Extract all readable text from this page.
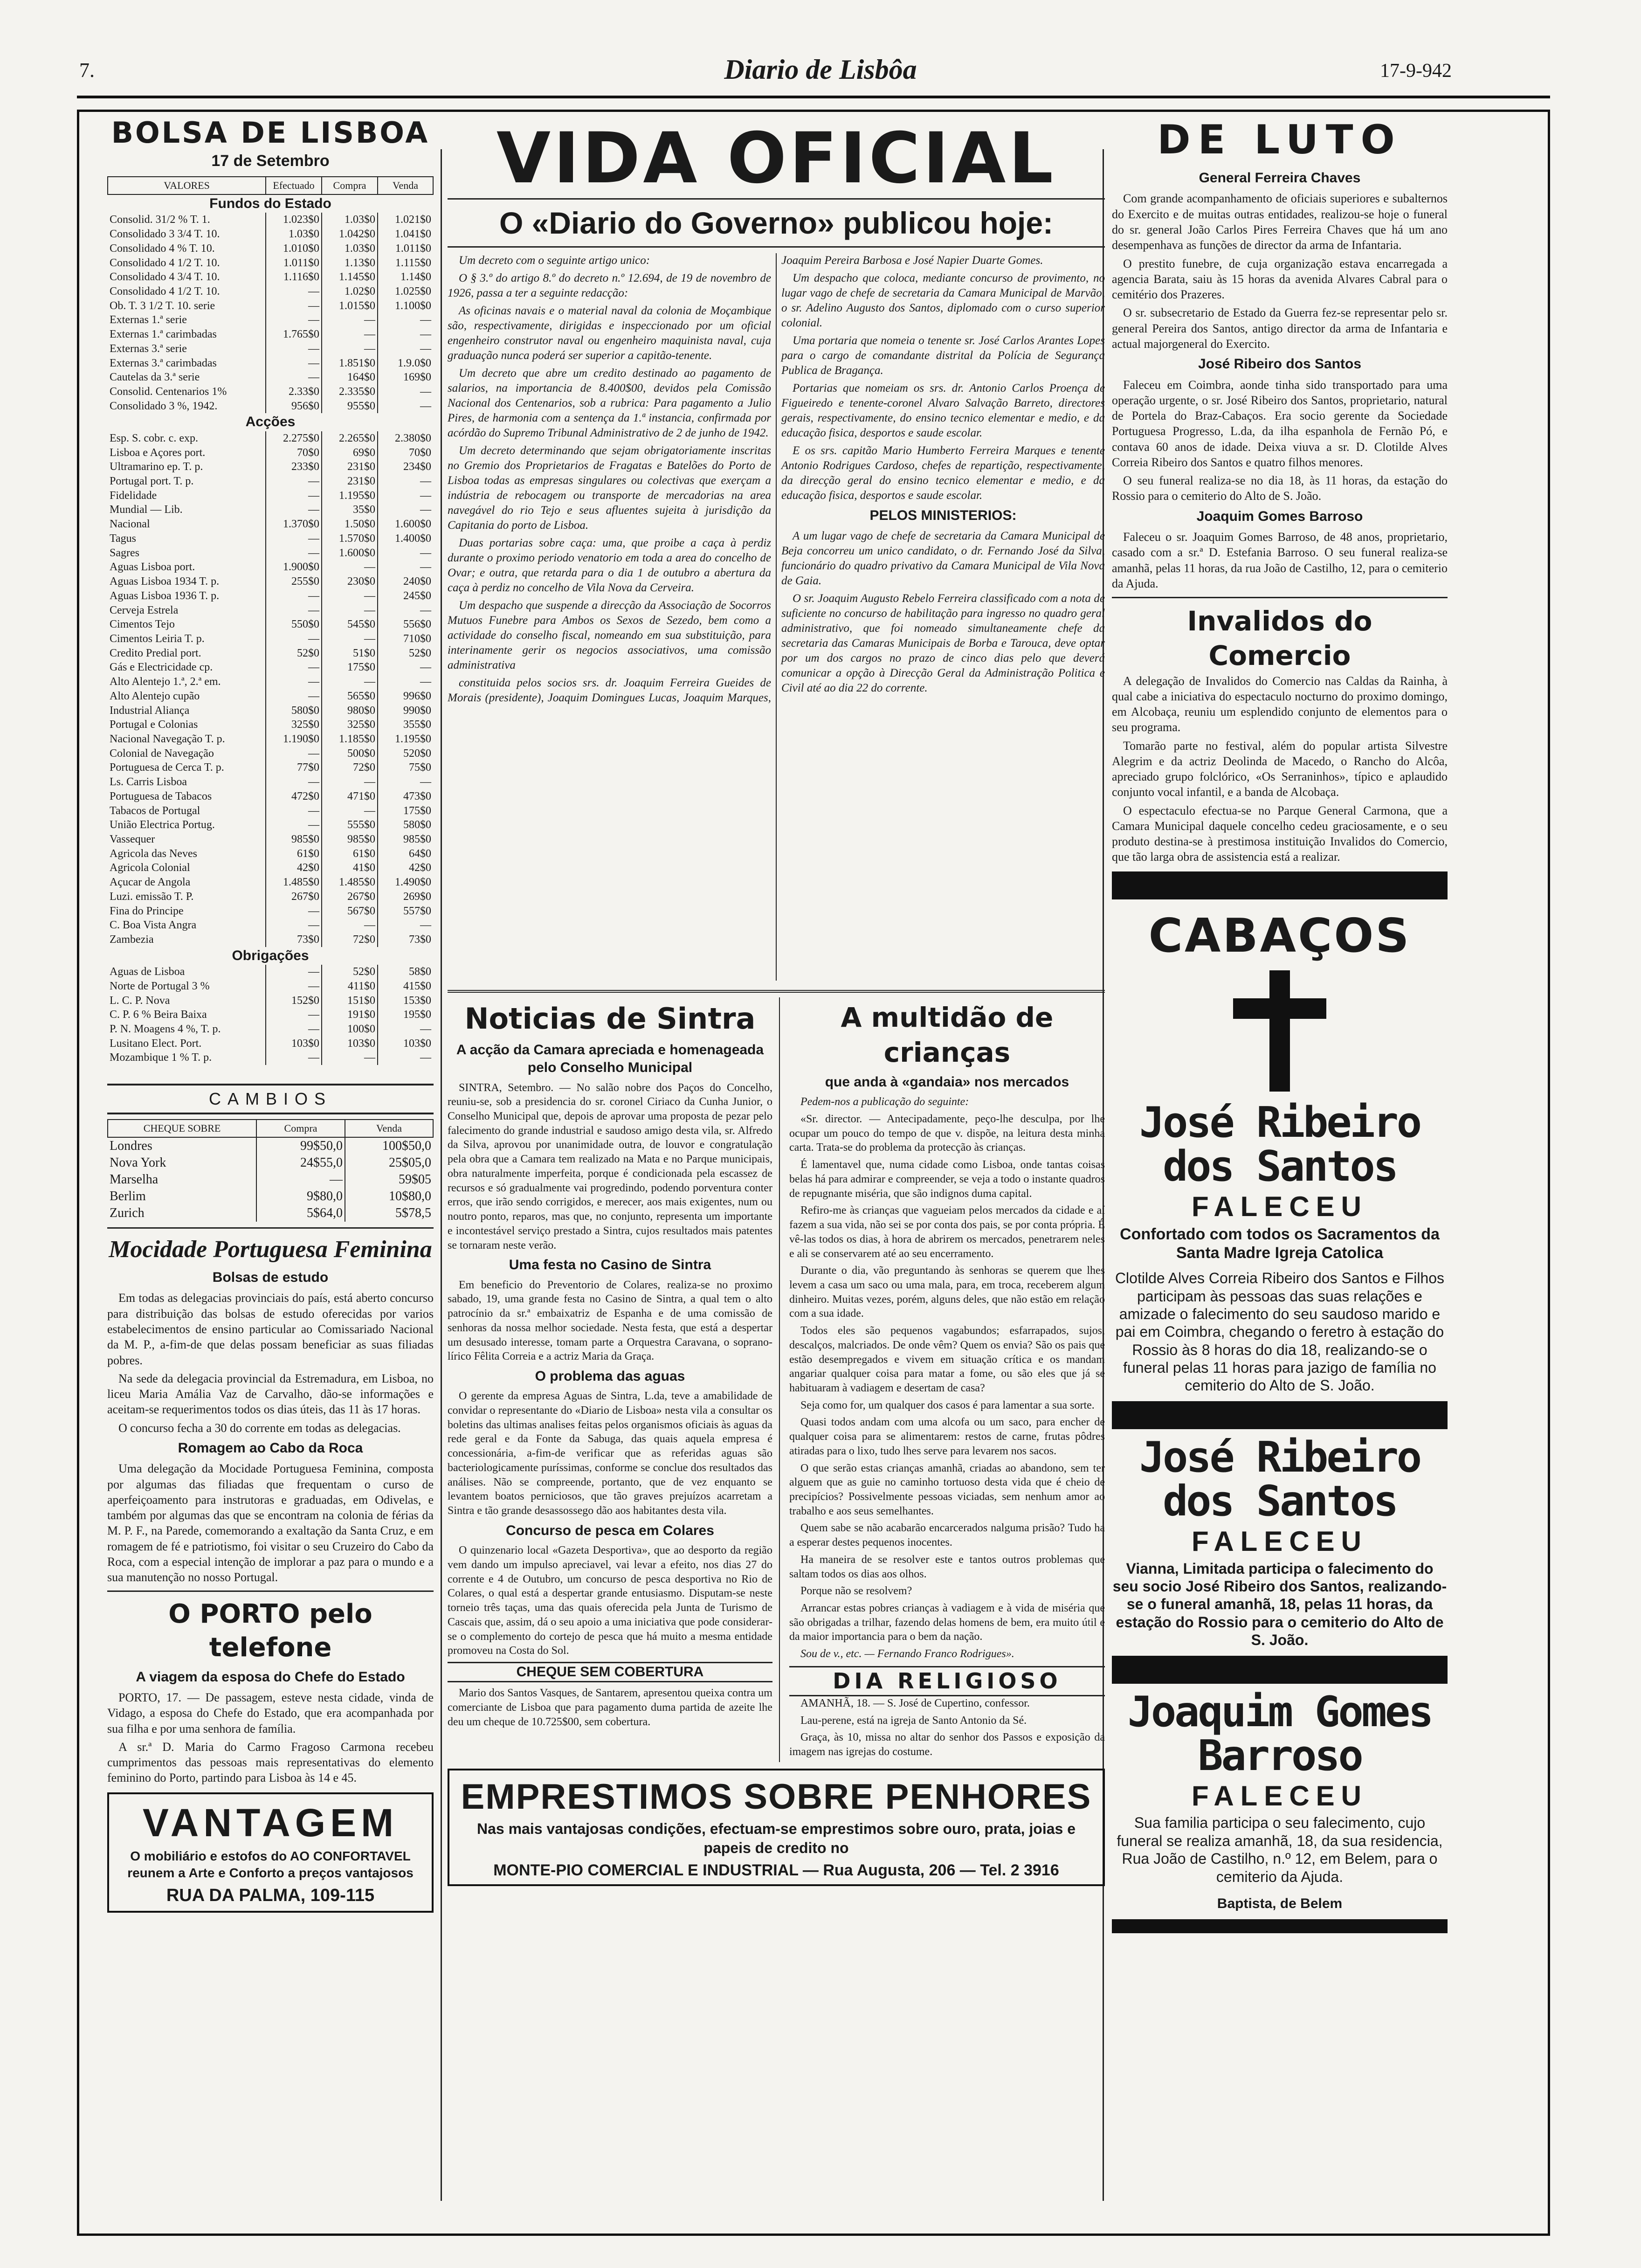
7.	Diario de Lisbôa	17-9-942
BOLSA DE LISBOA
17 de Setembro
VALORES	Efectuado	Compra	Venda
Fundos do Estado			
Consolid. 31/2 % T. 1.	1.023$0	1.03$0	1.021$0
Consolidado 3 3/4 T. 10.	1.03$0	1.042$0	1.041$0
Consolidado 4 % T. 10.	1.010$0	1.03$0	1.011$0
Consolidado 4 1/2 T. 10.	1.011$0	1.13$0	1.115$0
Consolidado 4 3/4 T. 10.	1.116$0	1.145$0	1.14$0
Consolidado 4 1/2 T. 10.	—	1.02$0	1.025$0
Ob. T. 3 1/2 T. 10. serie	—	1.015$0	1.100$0
Externas 1.ª serie	—	—	—
Externas 1.ª carimbadas	1.765$0	—	—
Externas 3.ª serie	—	—	—
Externas 3.ª carimbadas	—	1.851$0	1.9.0$0
Cautelas da 3.ª serie	—	164$0	169$0
Consolid. Centenarios 1%	2.33$0	2.335$0	—
Consolidado 3 %, 1942.	956$0	955$0	—
Acções			
Esp. S. cobr. c. exp.	2.275$0	2.265$0	2.380$0
Lisboa e Açores port.	70$0	69$0	70$0
Ultramarino ep. T. p.	233$0	231$0	234$0
Portugal port. T. p.	—	231$0	—
Fidelidade	—	1.195$0	—
Mundial — Lib.	—	35$0	—
Nacional	1.370$0	1.50$0	1.600$0
Tagus	—	1.570$0	1.400$0
Sagres	—	1.600$0	—
Aguas Lisboa port.	1.900$0	—	—
Aguas Lisboa 1934 T. p.	255$0	230$0	240$0
Aguas Lisboa 1936 T. p.	—	—	245$0
Cerveja Estrela	—	—	—
Cimentos Tejo	550$0	545$0	556$0
Cimentos Leiria T. p.	—	—	710$0
Credito Predial port.	52$0	51$0	52$0
Gás e Electricidade cp.	—	175$0	—
Alto Alentejo 1.ª, 2.ª em.	—	—	—
Alto Alentejo cupão	—	565$0	996$0
Industrial Aliança	580$0	980$0	990$0
Portugal e Colonias	325$0	325$0	355$0
Nacional Navegação T. p.	1.190$0	1.185$0	1.195$0
Colonial de Navegação	—	500$0	520$0
Portuguesa de Cerca T. p.	77$0	72$0	75$0
Ls. Carris Lisboa	—	—	—
Portuguesa de Tabacos	472$0	471$0	473$0
Tabacos de Portugal	—	—	175$0
União Electrica Portug.	—	555$0	580$0
Vassequer	985$0	985$0	985$0
Agricola das Neves	61$0	61$0	64$0
Agricola Colonial	42$0	41$0	42$0
Açucar de Angola	1.485$0	1.485$0	1.490$0
Luzi. emissão T. P.	267$0	267$0	269$0
Fina do Principe	—	567$0	557$0
C. Boa Vista Angra	—	—	—
Zambezia	73$0	72$0	73$0
Obrigações			
Aguas de Lisboa	—	52$0	58$0
Norte de Portugal 3 %	—	411$0	415$0
L. C. P. Nova	152$0	151$0	153$0
C. P. 6 % Beira Baixa	—	191$0	195$0
P. N. Moagens 4 %, T. p.	—	100$0	—
Lusitano Elect. Port.	103$0	103$0	103$0
Mozambique 1 % T. p.	—	—	—
CAMBIOS
CHEQUE SOBRE	Compra	Venda
Londres	99$50,0	100$50,0
Nova York	24$55,0	25$05,0
Marselha	—	59$05
Berlim	9$80,0	10$80,0
Zurich	5$64,0	5$78,5
Mocidade Portuguesa Feminina
Bolsas de estudo

Em todas as delegacias provinciais do país, está aberto concurso para distribuição das bolsas de estudo oferecidas por varios estabelecimentos de ensino particular ao Comissariado Nacional da M. P., a-fim-de que delas possam beneficiar as suas filiadas pobres.

Na sede da delegacia provincial da Estremadura, em Lisboa, no liceu Maria Amália Vaz de Carvalho, dão-se informações e aceitam-se requerimentos todos os dias úteis, das 11 às 17 horas.

O concurso fecha a 30 do corrente em todas as delegacias.

Romagem ao Cabo da Roca

Uma delegação da Mocidade Portuguesa Feminina, composta por algumas das filiadas que frequentam o curso de aperfeiçoamento para instrutoras e graduadas, em Odivelas, e também por algumas das que se encontram na colonia de férias da M. P. F., na Parede, comemorando a exaltação da Santa Cruz, e em romagem de fé e patriotismo, foi visitar o seu Cruzeiro do Cabo da Roca, com a especial intenção de implorar a paz para o mundo e a sua manutenção no nosso Portugal.

O PORTO pelo telefone
A viagem da esposa do Chefe do Estado

PORTO, 17. — De passagem, esteve nesta cidade, vinda de Vidago, a esposa do Chefe do Estado, que era acompanhada por sua filha e por uma senhora de família.

A sr.ª D. Maria do Carmo Fragoso Carmona recebeu cumprimentos das pessoas mais representativas do elemento feminino do Porto, partindo para Lisboa às 14 e 45.

VANTAGEM
O mobiliário e estofos do AO CONFORTAVEL reunem a Arte e Conforto a preços vantajosos
RUA DA PALMA, 109-115
VIDA OFICIAL
O «Diario do Governo» publicou hoje:

Um decreto com o seguinte artigo unico:

O § 3.º do artigo 8.º do decreto n.º 12.694, de 19 de novembro de 1926, passa a ter a seguinte redacção:

As oficinas navais e o material naval da colonia de Moçambique são, respectivamente, dirigidas e inspeccionado por um oficial engenheiro construtor naval ou engenheiro maquinista naval, cuja graduação nunca poderá ser superior a capitão-tenente.

Um decreto que abre um credito destinado ao pagamento de salarios, na importancia de 8.400$00, devidos pela Comissão Nacional dos Centenarios, sob a rubrica: Para pagamento a Julio Pires, de harmonia com a sentença da 1.ª instancia, confirmada por acórdão do Supremo Tribunal Administrativo de 2 de junho de 1942.

Um decreto determinando que sejam obrigatoriamente inscritas no Gremio dos Proprietarios de Fragatas e Batelões do Porto de Lisboa todas as empresas singulares ou colectivas que exerçam a indústria de rebocagem ou transporte de mercadorias na area navegável do rio Tejo e seus afluentes sujeita à jurisdição da Capitania do porto de Lisboa.

Duas portarias sobre caça: uma, que proibe a caça à perdiz durante o proximo periodo venatorio em toda a area do concelho de Ovar; e outra, que retarda para o dia 1 de outubro a abertura da caça à perdiz no concelho de Vila Nova da Cerveira.

Um despacho que suspende a direcção da Associação de Socorros Mutuos Funebre para Ambos os Sexos de Sezedo, bem como a actividade do conselho fiscal, nomeando em sua substituição, para interinamente gerir os negocios associativos, uma comissão administrativa

constituida pelos socios srs. dr. Joaquim Ferreira Gueides de Morais (presidente), Joaquim Domingues Lucas, Joaquim Marques, Joaquim Pereira Barbosa e José Napier Duarte Gomes.

Um despacho que coloca, mediante concurso de provimento, no lugar vago de chefe de secretaria da Camara Municipal de Marvão, o sr. Adelino Augusto dos Santos, diplomado com o curso superior colonial.

Uma portaria que nomeia o tenente sr. José Carlos Arantes Lopes para o cargo de comandante distrital da Polícia de Segurança Publica de Bragança.

Portarias que nomeiam os srs. dr. Antonio Carlos Proença de Figueiredo e tenente-coronel Alvaro Salvação Barreto, directores gerais, respectivamente, do ensino tecnico elementar e medio, e da educação fisica, desportos e saude escolar.

E os srs. capitão Mario Humberto Ferreira Marques e tenente Antonio Rodrigues Cardoso, chefes de repartição, respectivamente, da direcção geral do ensino tecnico elementar e medio, e da educação fisica, desportos e saude escolar.

PELOS MINISTERIOS:

A um lugar vago de chefe de secretaria da Camara Municipal de Beja concorreu um unico candidato, o dr. Fernando José da Silva, funcionário do quadro privativo da Camara Municipal de Vila Nova de Gaia.

O sr. Joaquim Augusto Rebelo Ferreira classificado com a nota de suficiente no concurso de habilitação para ingresso no quadro geral administrativo, que foi nomeado simultaneamente chefe da secretaria das Camaras Municipais de Borba e Tarouca, deve optar por um dos cargos no prazo de cinco dias pelo que deverá comunicar a opção à Direcção Geral da Administração Politica e Civil até ao dia 22 do corrente.

Noticias de Sintra
A acção da Camara apreciada e homenageada pelo Conselho Municipal

SINTRA, Setembro. — No salão nobre dos Paços do Concelho, reuniu-se, sob a presidencia do sr. coronel Ciriaco da Cunha Junior, o Conselho Municipal que, depois de aprovar uma proposta de pezar pelo falecimento do grande industrial e saudoso amigo desta vila, sr. Alfredo da Silva, aprovou por unanimidade outra, de louvor e congratulação pela obra que a Camara tem realizado na Mata e no Parque municipais, obra naturalmente imperfeita, porque é condicionada pela escassez de recursos e só gradualmente vai progredindo, podendo porventura conter erros, que irão sendo corrigidos, e merecer, aos mais exigentes, num ou noutro ponto, reparos, mas que, no conjunto, representa um importante e incontestável serviço prestado a Sintra, cujos resultados mais patentes se tornaram neste verão.

Uma festa no Casino de Sintra

Em beneficio do Preventorio de Colares, realiza-se no proximo sabado, 19, uma grande festa no Casino de Sintra, a qual tem o alto patrocínio da sr.ª embaixatriz de Espanha e de uma comissão de senhoras da nossa melhor sociedade. Nesta festa, que está a despertar um desusado interesse, tomam parte a Orquestra Caravana, o soprano-lírico Fêlita Correia e a actriz Maria da Graça.

O problema das aguas

O gerente da empresa Aguas de Sintra, L.da, teve a amabilidade de convidar o representante do «Diario de Lisboa» nesta vila a consultar os boletins das ultimas analises feitas pelos organismos oficiais às aguas da rede geral e da Fonte da Sabuga, das quais aquela empresa é concessionária, a-fim-de verificar que as referidas aguas são bacteriologicamente puríssimas, conforme se conclue dos resultados das análises. Não se compreende, portanto, que de vez enquanto se levantem boatos perniciosos, que tão graves prejuízos acarretam a Sintra e tão grande desassossego dão aos habitantes desta vila.

Concurso de pesca em Colares

O quinzenario local «Gazeta Desportiva», que ao desporto da região vem dando um impulso apreciavel, vai levar a efeito, nos dias 27 do corrente e 4 de Outubro, um concurso de pesca desportiva no Rio de Colares, o qual está a despertar grande entusiasmo. Disputam-se neste torneio três taças, uma das quais oferecida pela Junta de Turismo de Cascais que, assim, dá o seu apoio a uma iniciativa que pode considerar-se o complemento do cortejo de pesca que há muito a mesma entidade promoveu na Costa do Sol.

CHEQUE SEM COBERTURA

Mario dos Santos Vasques, de Santarem, apresentou queixa contra um comerciante de Lisboa que para pagamento duma partida de azeite lhe deu um cheque de 10.725$00, sem cobertura.

A multidão de crianças
que anda à «gandaia» nos mercados

Pedem-nos a publicação do seguinte:

«Sr. director. — Antecipadamente, peço-lhe desculpa, por lhe ocupar um pouco do tempo de que v. dispõe, na leitura desta minha carta. Trata-se do problema da protecção às crianças.

É lamentavel que, numa cidade como Lisboa, onde tantas coisas belas há para admirar e compreender, se veja a todo o instante quadros de repugnante miséria, que são indignos duma capital.

Refiro-me às crianças que vagueiam pelos mercados da cidade e aí fazem a sua vida, não sei se por conta dos pais, se por conta própria. É vê-las todos os dias, à hora de abrirem os mercados, penetrarem neles e ali se conservarem até ao seu encerramento.

Durante o dia, vão preguntando às senhoras se querem que lhes levem a casa um saco ou uma mala, para, em troca, receberem algum dinheiro. Muitas vezes, porém, alguns deles, que não estão em relação com a sua idade.

Todos eles são pequenos vagabundos; esfarrapados, sujos, descalços, malcriados. De onde vêm? Quem os envia? São os pais que estão desempregados e vivem em situação crítica e os mandam angariar qualquer coisa para matar a fome, ou são eles que já se habituaram à vadiagem e desertam de casa?

Seja como for, um qualquer dos casos é para lamentar a sua sorte.

Quasi todos andam com uma alcofa ou um saco, para encher de qualquer coisa para se alimentarem: restos de carne, frutas pôdres atiradas para o lixo, tudo lhes serve para levarem nos sacos.

O que serão estas crianças amanhã, criadas ao abandono, sem ter alguem que as guie no caminho tortuoso desta vida que é cheio de precipícios? Possivelmente pessoas viciadas, sem nenhum amor ao trabalho e aos seus semelhantes.

Quem sabe se não acabarão encarcerados nalguma prisão? Tudo ha a esperar destes pequenos inocentes.

Ha maneira de se resolver este e tantos outros problemas que saltam todos os dias aos olhos.

Porque não se resolvem?

Arrancar estas pobres crianças à vadiagem e à vida de miséria que são obrigadas a trilhar, fazendo delas homens de bem, era muito útil e da maior importancia para o bem da nação.

Sou de v., etc. — Fernando Franco Rodrigues».

DIA RELIGIOSO

AMANHÃ, 18. — S. José de Cupertino, confessor.

Lau-perene, está na igreja de Santo Antonio da Sé.

Graça, às 10, missa no altar do senhor dos Passos e exposição da imagem nas igrejas do costume.

EMPRESTIMOS SOBRE PENHORES
Nas mais vantajosas condições, efectuam-se emprestimos sobre ouro, prata, joias e papeis de credito no
MONTE-PIO COMERCIAL E INDUSTRIAL — Rua Augusta, 206 — Tel. 2 3916
DE LUTO
General Ferreira Chaves

Com grande acompanhamento de oficiais superiores e subalternos do Exercito e de muitas outras entidades, realizou-se hoje o funeral do sr. general João Carlos Pires Ferreira Chaves que há um ano desempenhava as funções de director da arma de Infantaria.

O prestito funebre, de cuja organização estava encarregada a agencia Barata, saiu às 15 horas da avenida Alvares Cabral para o cemitério dos Prazeres.

O sr. subsecretario de Estado da Guerra fez-se representar pelo sr. general Pereira dos Santos, antigo director da arma de Infantaria e actual majorgeneral do Exercito.

José Ribeiro dos Santos

Faleceu em Coimbra, aonde tinha sido transportado para uma operação urgente, o sr. José Ribeiro dos Santos, proprietario, natural de Portela do Braz-Cabaços. Era socio gerente da Sociedade Portuguesa Progresso, L.da, da ilha espanhola de Fernão Pó, e contava 60 anos de idade. Deixa viuva a sr. D. Clotilde Alves Correia Ribeiro dos Santos e quatro filhos menores.

O seu funeral realiza-se no dia 18, às 11 horas, da estação do Rossio para o cemiterio do Alto de S. João.

Joaquim Gomes Barroso

Faleceu o sr. Joaquim Gomes Barroso, de 48 anos, proprietario, casado com a sr.ª D. Estefania Barroso. O seu funeral realiza-se amanhã, pelas 11 horas, da rua João de Castilho, 12, para o cemiterio da Ajuda.

Invalidos do Comercio

A delegação de Invalidos do Comercio nas Caldas da Rainha, à qual cabe a iniciativa do espectaculo nocturno do proximo domingo, em Alcobaça, reuniu um esplendido conjunto de elementos para o seu programa.

Tomarão parte no festival, além do popular artista Silvestre Alegrim e da actriz Deolinda de Macedo, o Rancho do Alcôa, apreciado grupo folclórico, «Os Serraninhos», típico e aplaudido conjunto vocal infantil, e a banda de Alcobaça.

O espectaculo efectua-se no Parque General Carmona, que a Camara Municipal daquele concelho cedeu graciosamente, e o seu produto destina-se à prestimosa instituição Invalidos do Comercio, que tão larga obra de assistencia está a realizar.

CABAÇOS
José Ribeiro dos Santos
FALECEU
Confortado com todos os Sacramentos da Santa Madre Igreja Catolica
Clotilde Alves Correia Ribeiro dos Santos e Filhos participam às pessoas das suas relações e amizade o falecimento do seu saudoso marido e pai em Coimbra, chegando o feretro à estação do Rossio às 8 horas do dia 18, realizando-se o funeral pelas 11 horas para jazigo de família no cemiterio do Alto de S. João.
José Ribeiro dos Santos
FALECEU
Vianna, Limitada participa o falecimento do seu socio José Ribeiro dos Santos, realizando-se o funeral amanhã, 18, pelas 11 horas, da estação do Rossio para o cemiterio do Alto de S. João.
Joaquim Gomes Barroso
FALECEU
Sua familia participa o seu falecimento, cujo funeral se realiza amanhã, 18, da sua residencia, Rua João de Castilho, n.º 12, em Belem, para o cemiterio da Ajuda.
Baptista, de Belem
